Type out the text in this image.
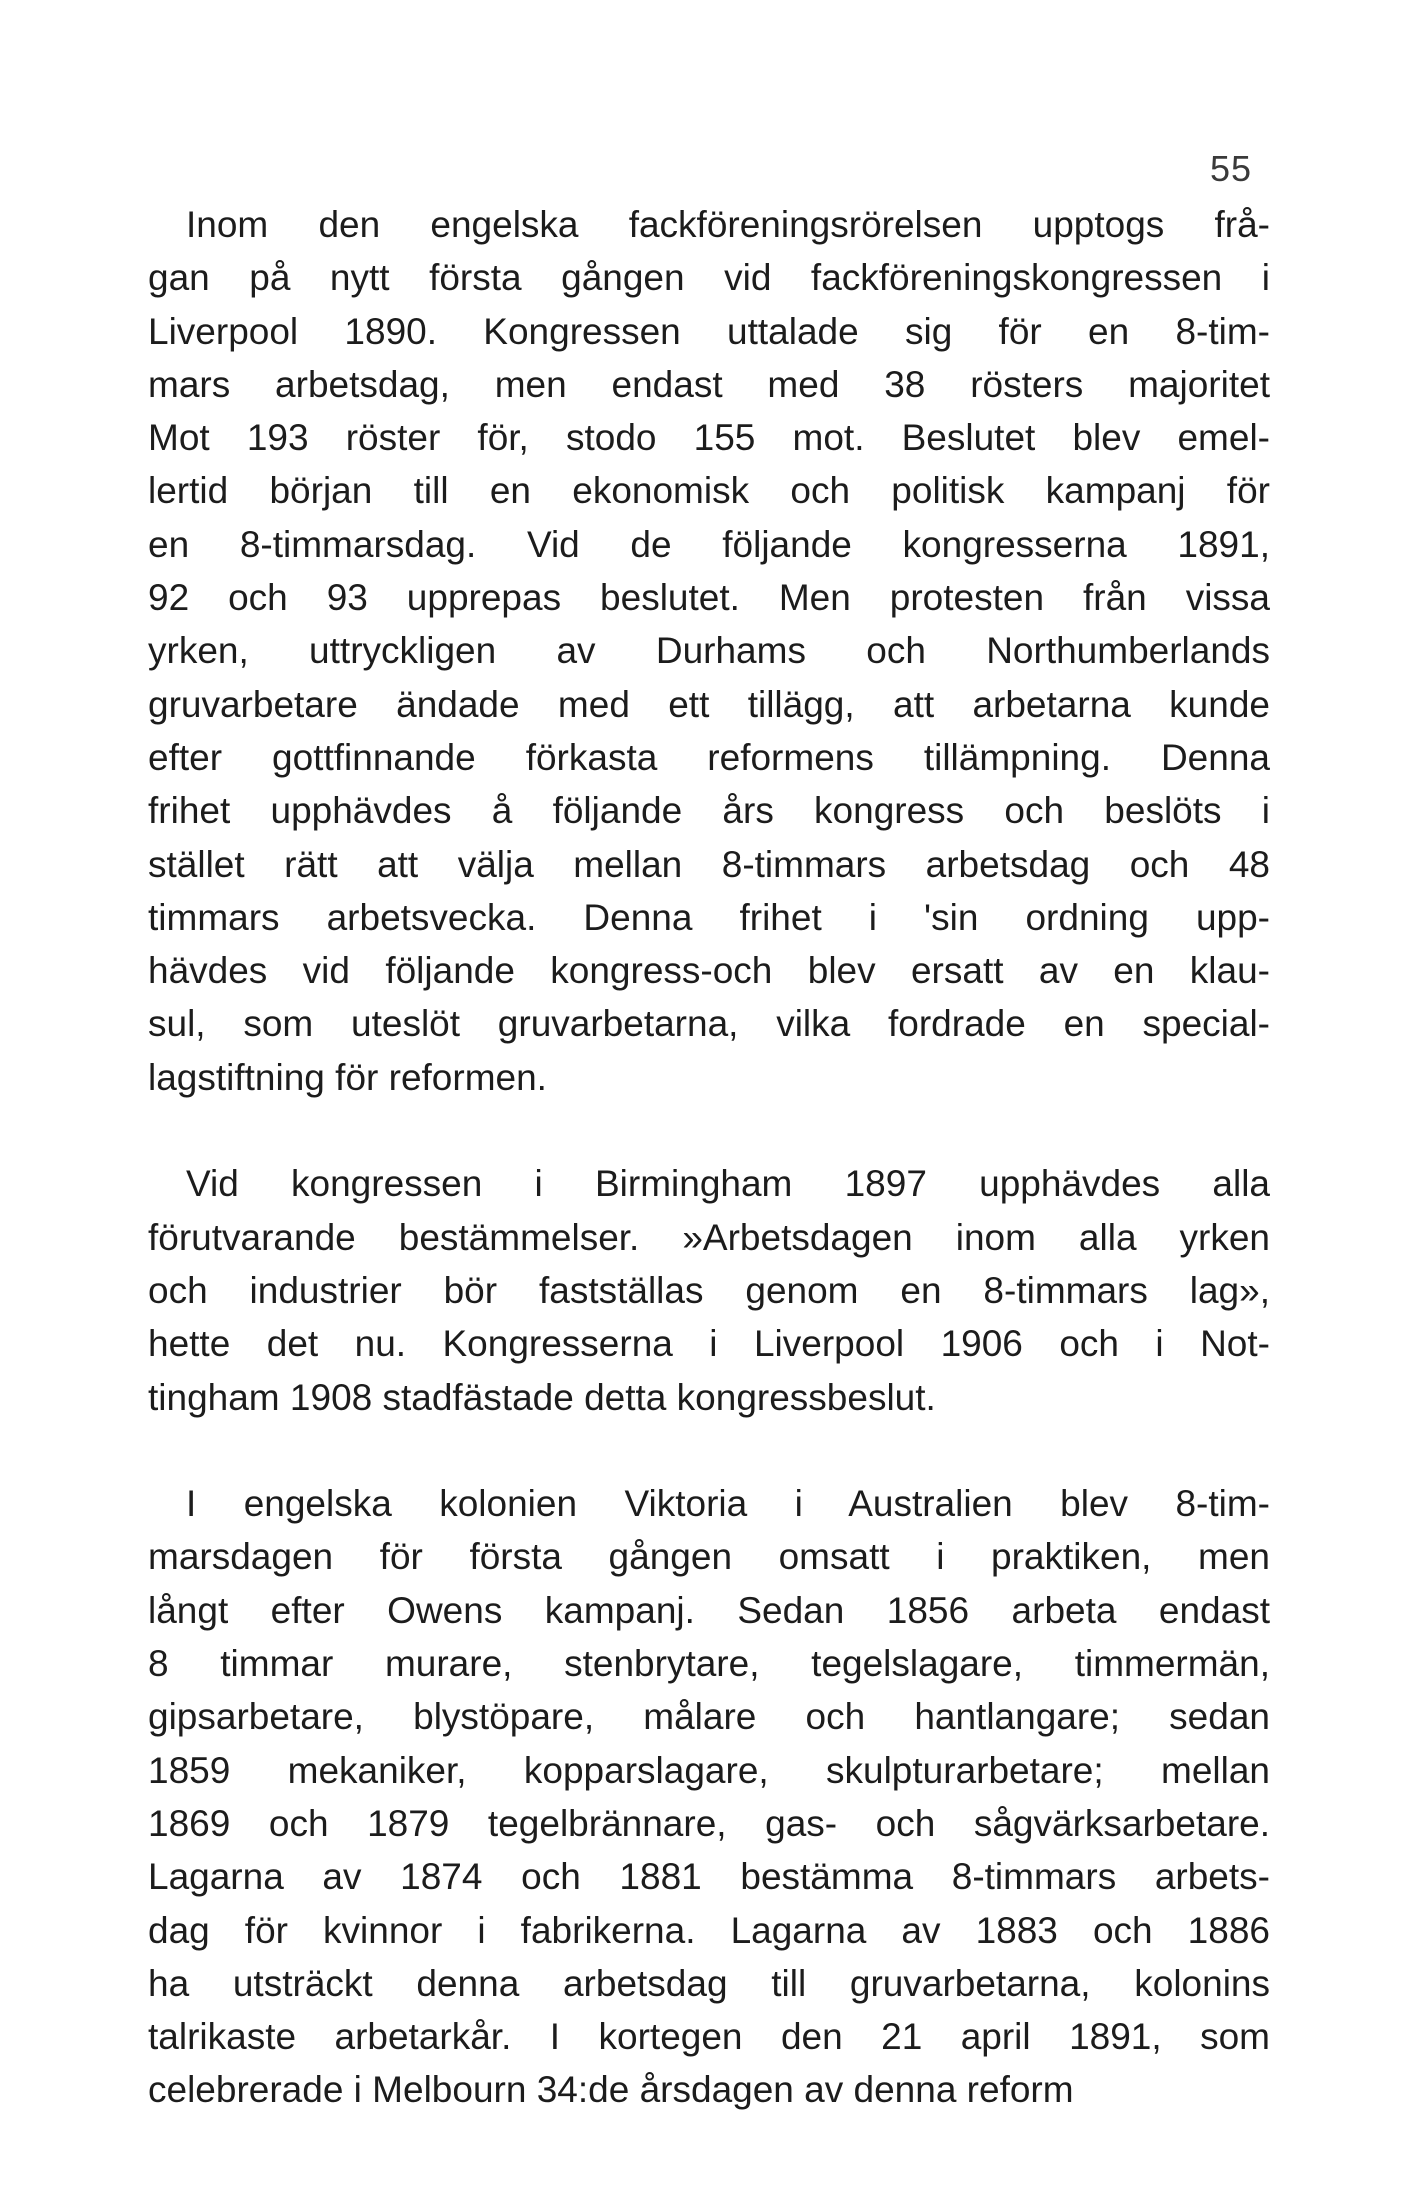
55
Inom den engelska fackföreningsrörelsen upptogs frå-
gan på nytt första gången vid fackföreningskongressen i
Liverpool 1890. Kongressen uttalade sig för en 8-tim-
mars arbetsdag, men endast med 38 rösters majoritet
Mot 193 röster för, stodo 155 mot. Beslutet blev emel-
lertid början till en ekonomisk och politisk kampanj för
en 8-timmarsdag. Vid de följande kongresserna 1891,
92 och 93 upprepas beslutet. Men protesten från vissa
yrken, uttryckligen av Durhams och Northumberlands
gruvarbetare ändade med ett tillägg, att arbetarna kunde
efter gottfinnande förkasta reformens tillämpning. Denna
frihet upphävdes å följande års kongress och beslöts i
stället rätt att välja mellan 8-timmars arbetsdag och 48
timmars arbetsvecka. Denna frihet i 'sin ordning upp-
hävdes vid följande kongress-och blev ersatt av en klau-
sul, som uteslöt gruvarbetarna, vilka fordrade en special-
lagstiftning för reformen.
Vid kongressen i Birmingham 1897 upphävdes alla
förutvarande bestämmelser. »Arbetsdagen inom alla yrken
och industrier bör fastställas genom en 8-timmars lag»,
hette det nu. Kongresserna i Liverpool 1906 och i Not-
tingham 1908 stadfästade detta kongressbeslut.
I engelska kolonien Viktoria i Australien blev 8-tim-
marsdagen för första gången omsatt i praktiken, men
långt efter Owens kampanj. Sedan 1856 arbeta endast
8 timmar murare, stenbrytare, tegelslagare, timmermän,
gipsarbetare, blystöpare, målare och hantlangare; sedan
1859 mekaniker, kopparslagare, skulpturarbetare; mellan
1869 och 1879 tegelbrännare, gas- och sågvärksarbetare.
Lagarna av 1874 och 1881 bestämma 8-timmars arbets-
dag för kvinnor i fabrikerna. Lagarna av 1883 och 1886
ha utsträckt denna arbetsdag till gruvarbetarna, kolonins
talrikaste arbetarkår. I kortegen den 21 april 1891, som
celebrerade i Melbourn 34:de årsdagen av denna reform
